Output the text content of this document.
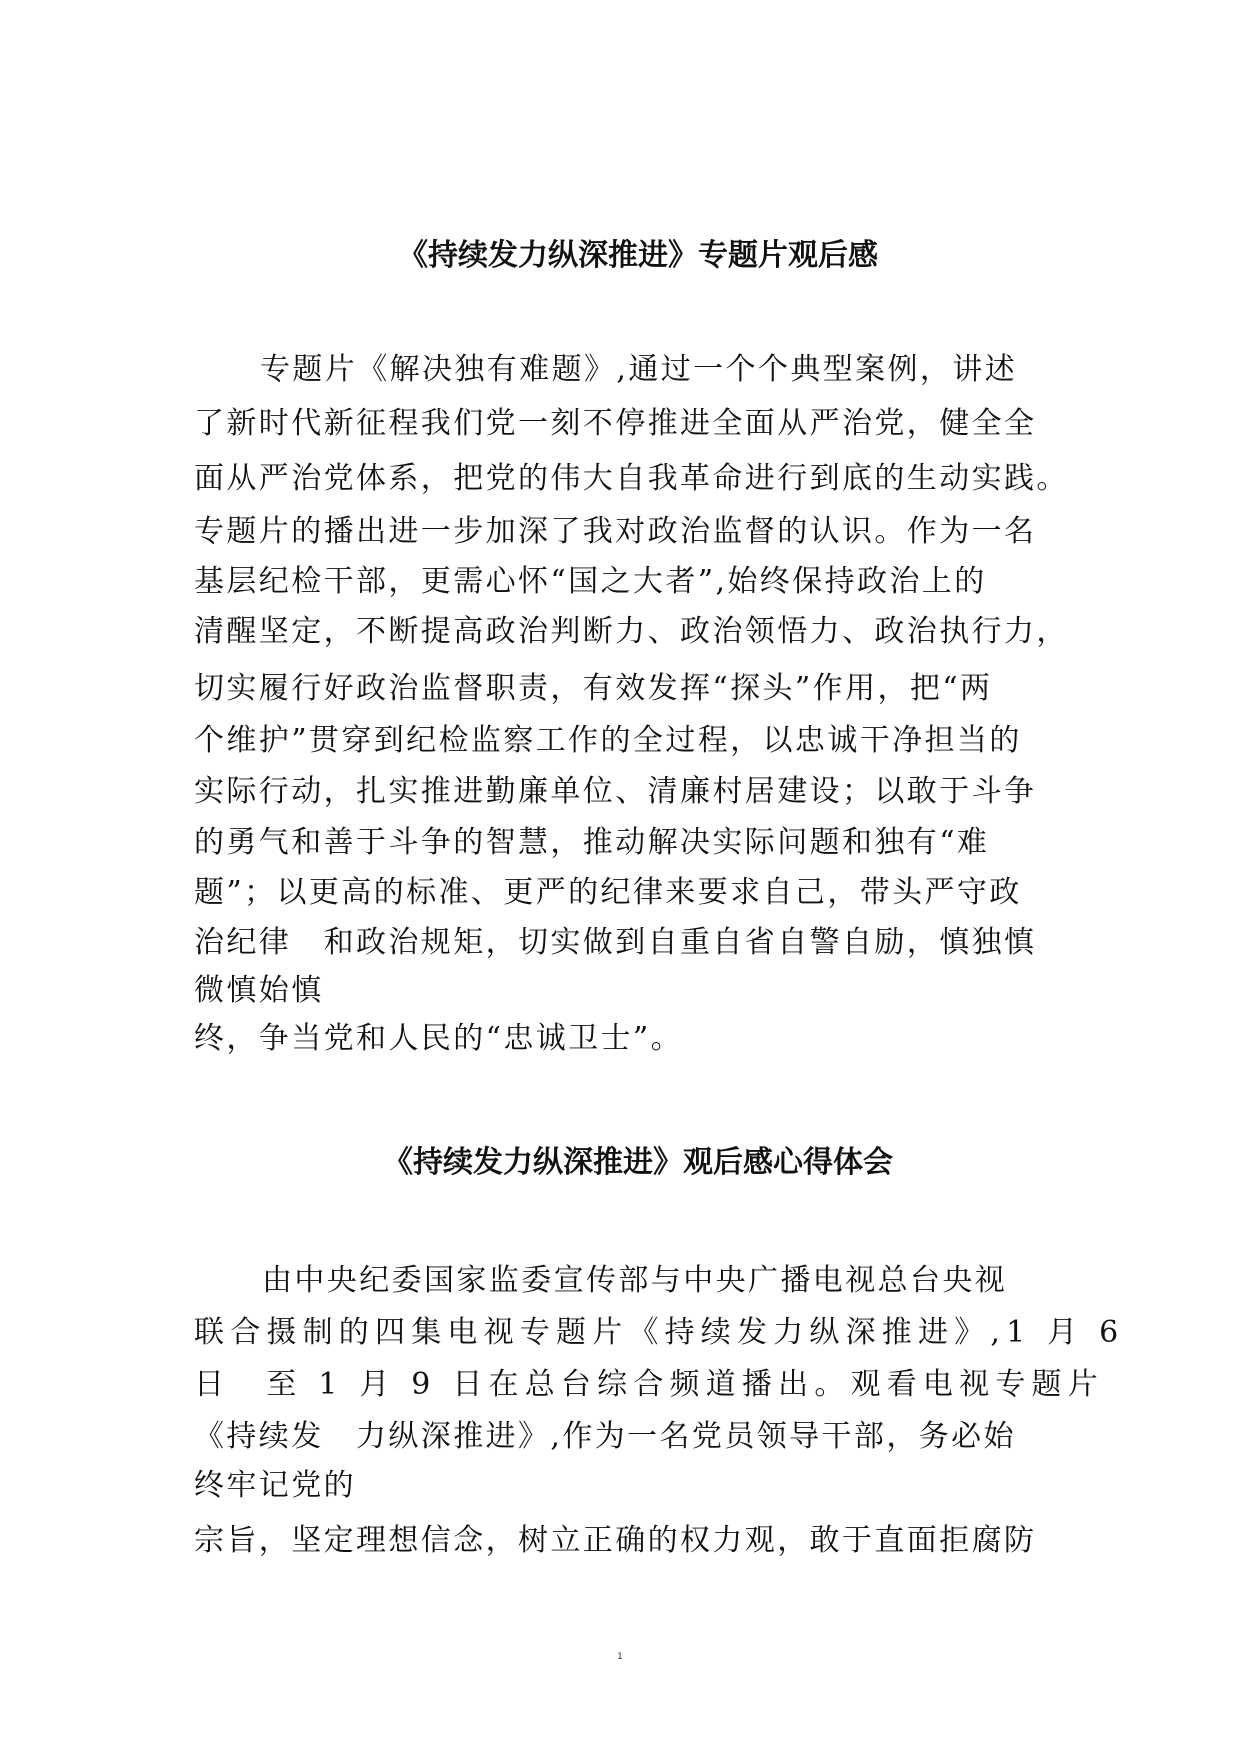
《持续发力纵深推进》专题片观后感
专题片《解决独有难题》,通过一个个典型案例，讲述
了新时代新征程我们党一刻不停推进全面从严治党，健全全
面从严治党体系，把党的伟大自我革命进行到底的生动实践。
专题片的播出进一步加深了我对政治监督的认识。作为一名
基层纪检干部，更需心怀“国之大者”,始终保持政治上的
清醒坚定，不断提高政治判断力、政治领悟力、政治执行力，
切实履行好政治监督职责，有效发挥“探头”作用，把“两
个维护”贯穿到纪检监察工作的全过程，以忠诚干净担当的
实际行动，扎实推进勤廉单位、清廉村居建设；以敢于斗争
的勇气和善于斗争的智慧，推动解决实际问题和独有“难
题”；以更高的标准、更严的纪律来要求自己，带头严守政
治纪律　和政治规矩，切实做到自重自省自警自励，慎独慎
微慎始慎
终，争当党和人民的“忠诚卫士”。
《持续发力纵深推进》观后感心得体会
由中央纪委国家监委宣传部与中央广播电视总台央视
联合摄制的四集电视专题片《持续发力纵深推进》,1 月 6
日　至 1 月 9 日在总台综合频道播出。观看电视专题片
《持续发　力纵深推进》,作为一名党员领导干部，务必始
终牢记党的
宗旨，坚定理想信念，树立正确的权力观，敢于直面拒腐防
1
